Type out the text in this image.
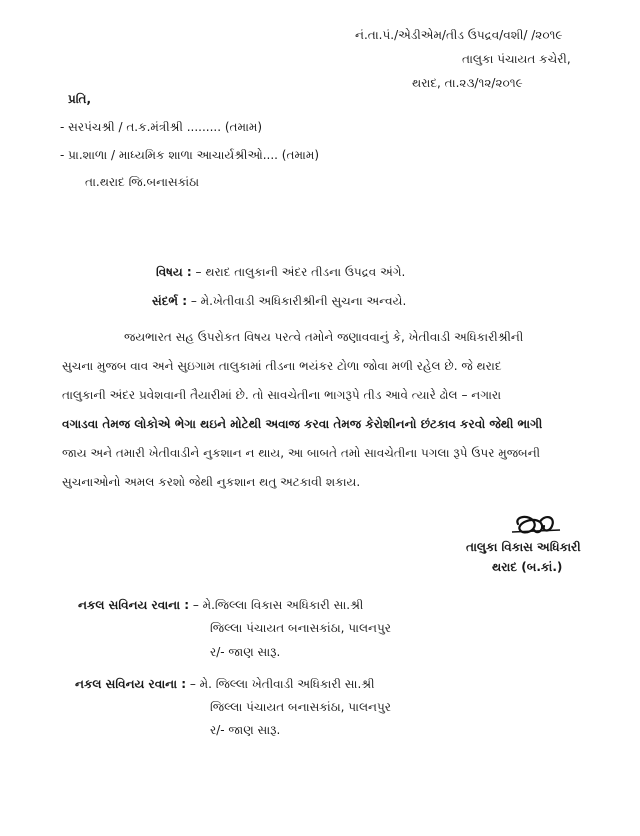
નં.તા.પં./એડીએમ/તીડ ઉપદ્રવ/વશી/ /૨૦૧૯
તાલુકા પંચાયત કચેરી,
થરાદ, તા.૨૩/૧૨/૨૦૧૯
પ્રતિ,
- સરપંચશ્રી / ત.ક.મંત્રીશ્રી ......... (તમામ)
- પ્રા.શાળા / માધ્યમિક શાળા આચાર્યશ્રીઓ.... (તમામ)
તા.થરાદ જિ.બનાસકાંઠા
વિષય : – થરાદ તાલુકાની અંદર તીડના ઉપદ્રવ અંગે.
સંદર્ભ : – મે.ખેતીવાડી અધિકારીશ્રીની સુચના અન્વયે.
જયભારત સહ ઉપરોકત વિષય પરત્વે તમોને જણાવવાનું કે, ખેતીવાડી અધિકારીશ્રીની
સુચના મુજબ વાવ અને સુઇગામ તાલુકામાં તીડના ભયંકર ટોળા જોવા મળી રહેલ છે. જે થરાદ
તાલુકાની અંદર પ્રવેશવાની તૈયારીમાં છે. તો સાવચેતીના ભાગરૂપે તીડ આવે ત્યારે ઢોલ – નગારા
વગાડવા તેમજ લોકોએ ભેગા થઇને મોટેથી અવાજ કરવા તેમજ કેરોશીનનો છંટકાવ કરવો જેથી ભાગી
જાય અને તમારી ખેતીવાડીને નુકશાન ન થાય, આ બાબતે તમો સાવચેતીના પગલા રૂપે ઉપર મુજબની
સુચનાઓનો અમલ કરશો જેથી નુકશાન થતુ અટકાવી શકાય.
તાલુકા વિકાસ અધિકારી
થરાદ (બ.કાં.)
નકલ સવિનય રવાના : – મે.જિલ્લા વિકાસ અધિકારી સા.શ્રી
જિલ્લા પંચાયત બનાસકાંઠા, પાલનપુર
ર/- જાણ સારૂ.
નકલ સવિનય રવાના : – મે. જિલ્લા ખેતીવાડી અધિકારી સા.શ્રી
જિલ્લા પંચાયત બનાસકાંઠા, પાલનપુર
ર/- જાણ સારૂ.
